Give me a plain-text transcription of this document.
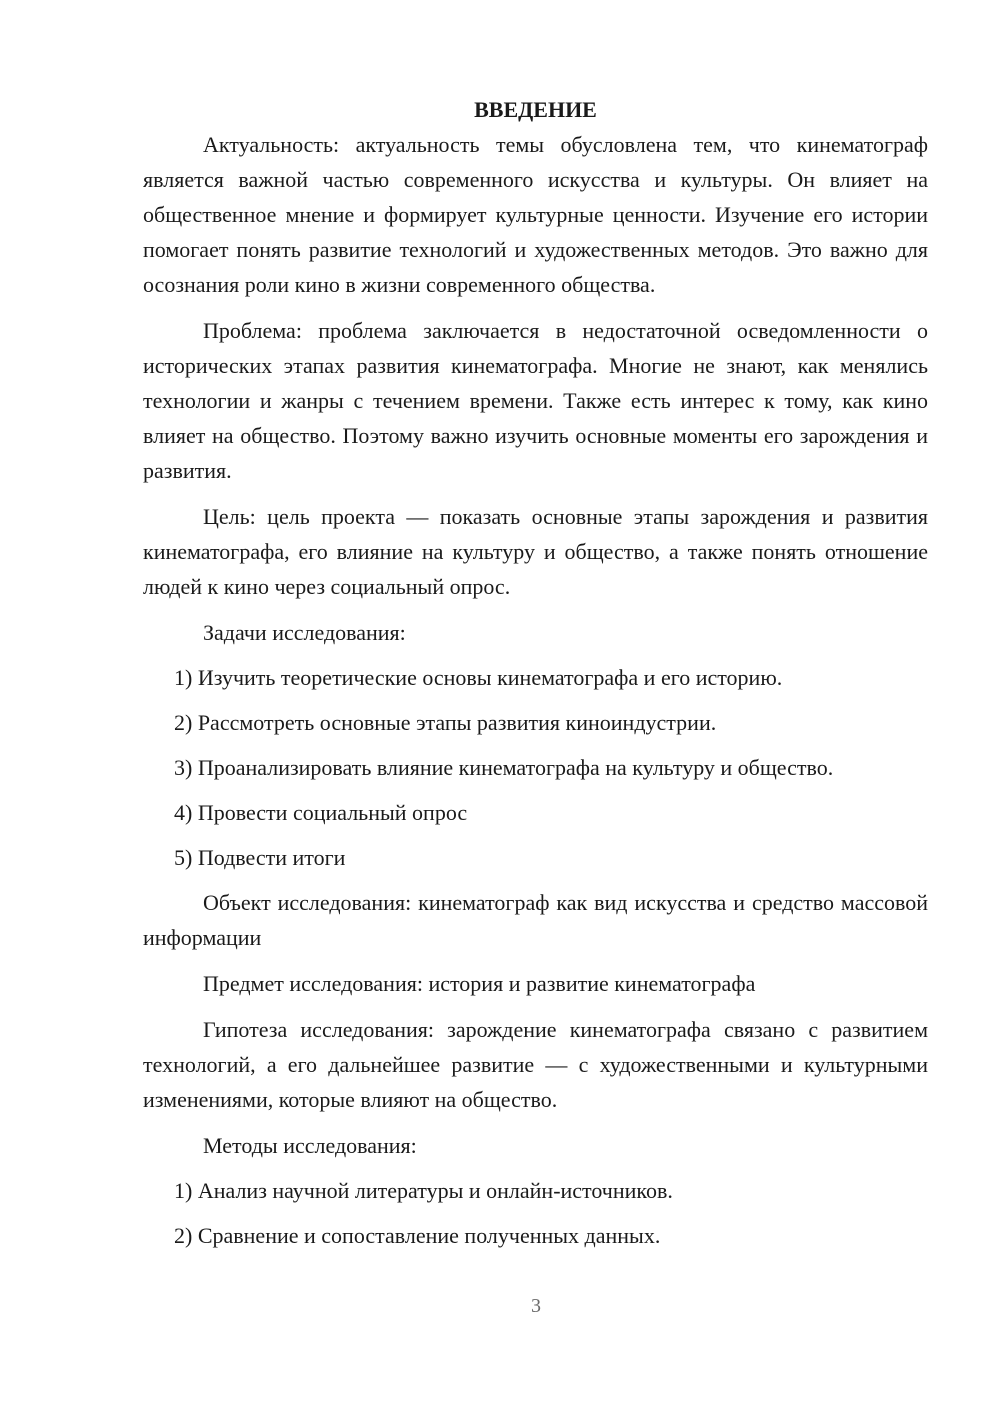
ВВЕДЕНИЕ

Актуальность: актуальность темы обусловлена тем, что кинематограф является важной частью современного искусства и культуры. Он влияет на общественное мнение и формирует культурные ценности. Изучение его истории помогает понять развитие технологий и художественных методов. Это важно для осознания роли кино в жизни современного общества.

Проблема: проблема заключается в недостаточной осведомленности о исторических этапах развития кинематографа. Многие не знают, как менялись технологии и жанры с течением времени. Также есть интерес к тому, как кино влияет на общество. Поэтому важно изучить основные моменты его зарождения и развития.

Цель: цель проекта — показать основные этапы зарождения и развития кинематографа, его влияние на культуру и общество, а также понять отношение людей к кино через социальный опрос.

Задачи исследования:

1) Изучить теоретические основы кинематографа и его историю.
2) Рассмотреть основные этапы развития киноиндустрии.
3) Проанализировать влияние кинематографа на культуру и общество.
4) Провести социальный опрос
5) Подвести итоги

Объект исследования: кинематограф как вид искусства и средство массовой информации

Предмет исследования: история и развитие кинематографа

Гипотеза исследования: зарождение кинематографа связано с развитием технологий, а его дальнейшее развитие — с художественными и культурными изменениями, которые влияют на общество.

Методы исследования:

1) Анализ научной литературы и онлайн-источников.
2) Сравнение и сопоставление полученных данных.
3
